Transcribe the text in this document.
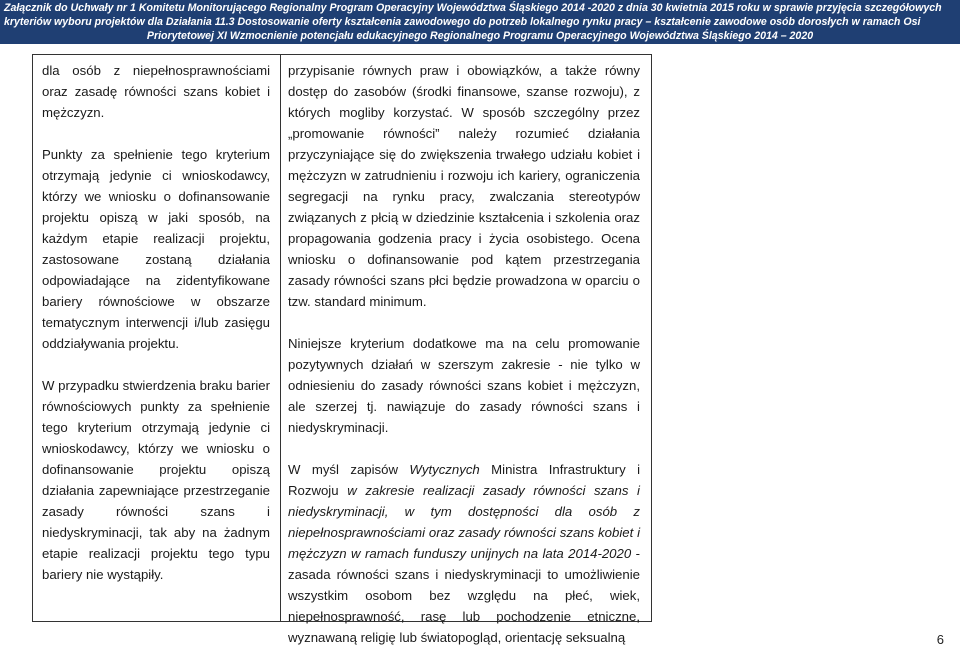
Załącznik do Uchwały nr 1 Komitetu Monitorującego Regionalny Program Operacyjny Województwa Śląskiego 2014 -2020 z dnia 30 kwietnia 2015 roku w sprawie przyjęcia szczegółowych
kryteriów wyboru projektów dla Działania 11.3 Dostosowanie oferty kształcenia zawodowego do potrzeb lokalnego rynku pracy – kształcenie zawodowe osób dorosłych w ramach Osi
Priorytetowej XI Wzmocnienie potencjału edukacyjnego Regionalnego Programu Operacyjnego Województwa Śląskiego 2014 – 2020

dla osób z niepełnosprawnościami oraz zasadę równości szans kobiet i mężczyzn.

Punkty za spełnienie tego kryterium otrzymają jedynie ci wnioskodawcy, którzy we wniosku o dofinansowanie projektu opiszą w jaki sposób, na każdym etapie realizacji projektu, zastosowane zostaną działania odpowiadające na zidentyfikowane bariery równościowe w obszarze tematycznym interwencji i/lub zasięgu oddziaływania projektu.

W przypadku stwierdzenia braku barier równościowych punkty za spełnienie tego kryterium otrzymają jedynie ci wnioskodawcy, którzy we wniosku o dofinansowanie projektu opiszą działania zapewniające przestrzeganie zasady równości szans i niedyskryminacji, tak aby na żadnym etapie realizacji projektu tego typu bariery nie wystąpiły.

przypisanie równych praw i obowiązków, a także równy dostęp do zasobów (środki finansowe, szanse rozwoju), z których mogliby korzystać. W sposób szczególny przez „promowanie równości” należy rozumieć działania przyczyniające się do zwiększenia trwałego udziału kobiet i mężczyzn w zatrudnieniu i rozwoju ich kariery, ograniczenia segregacji na rynku pracy, zwalczania stereotypów związanych z płcią w dziedzinie kształcenia i szkolenia oraz propagowania godzenia pracy i życia osobistego. Ocena wniosku o dofinansowanie pod kątem przestrzegania zasady równości szans płci będzie prowadzona w oparciu o tzw. standard minimum.

Niniejsze kryterium dodatkowe ma na celu promowanie pozytywnych działań w szerszym zakresie - nie tylko w odniesieniu do zasady równości szans kobiet i mężczyzn, ale szerzej tj. nawiązuje do zasady równości szans i niedyskryminacji.

W myśl zapisów Wytycznych Ministra Infrastruktury i Rozwoju w zakresie realizacji zasady równości szans i niedyskryminacji, w tym dostępności dla osób z niepełnosprawnościami oraz zasady równości szans kobiet i mężczyzn w ramach funduszy unijnych na lata 2014-2020 - zasada równości szans i niedyskryminacji to umożliwienie wszystkim osobom bez względu na płeć, wiek, niepełnosprawność, rasę lub pochodzenie etniczne, wyznawaną religię lub światopogląd, orientację seksualną	6
